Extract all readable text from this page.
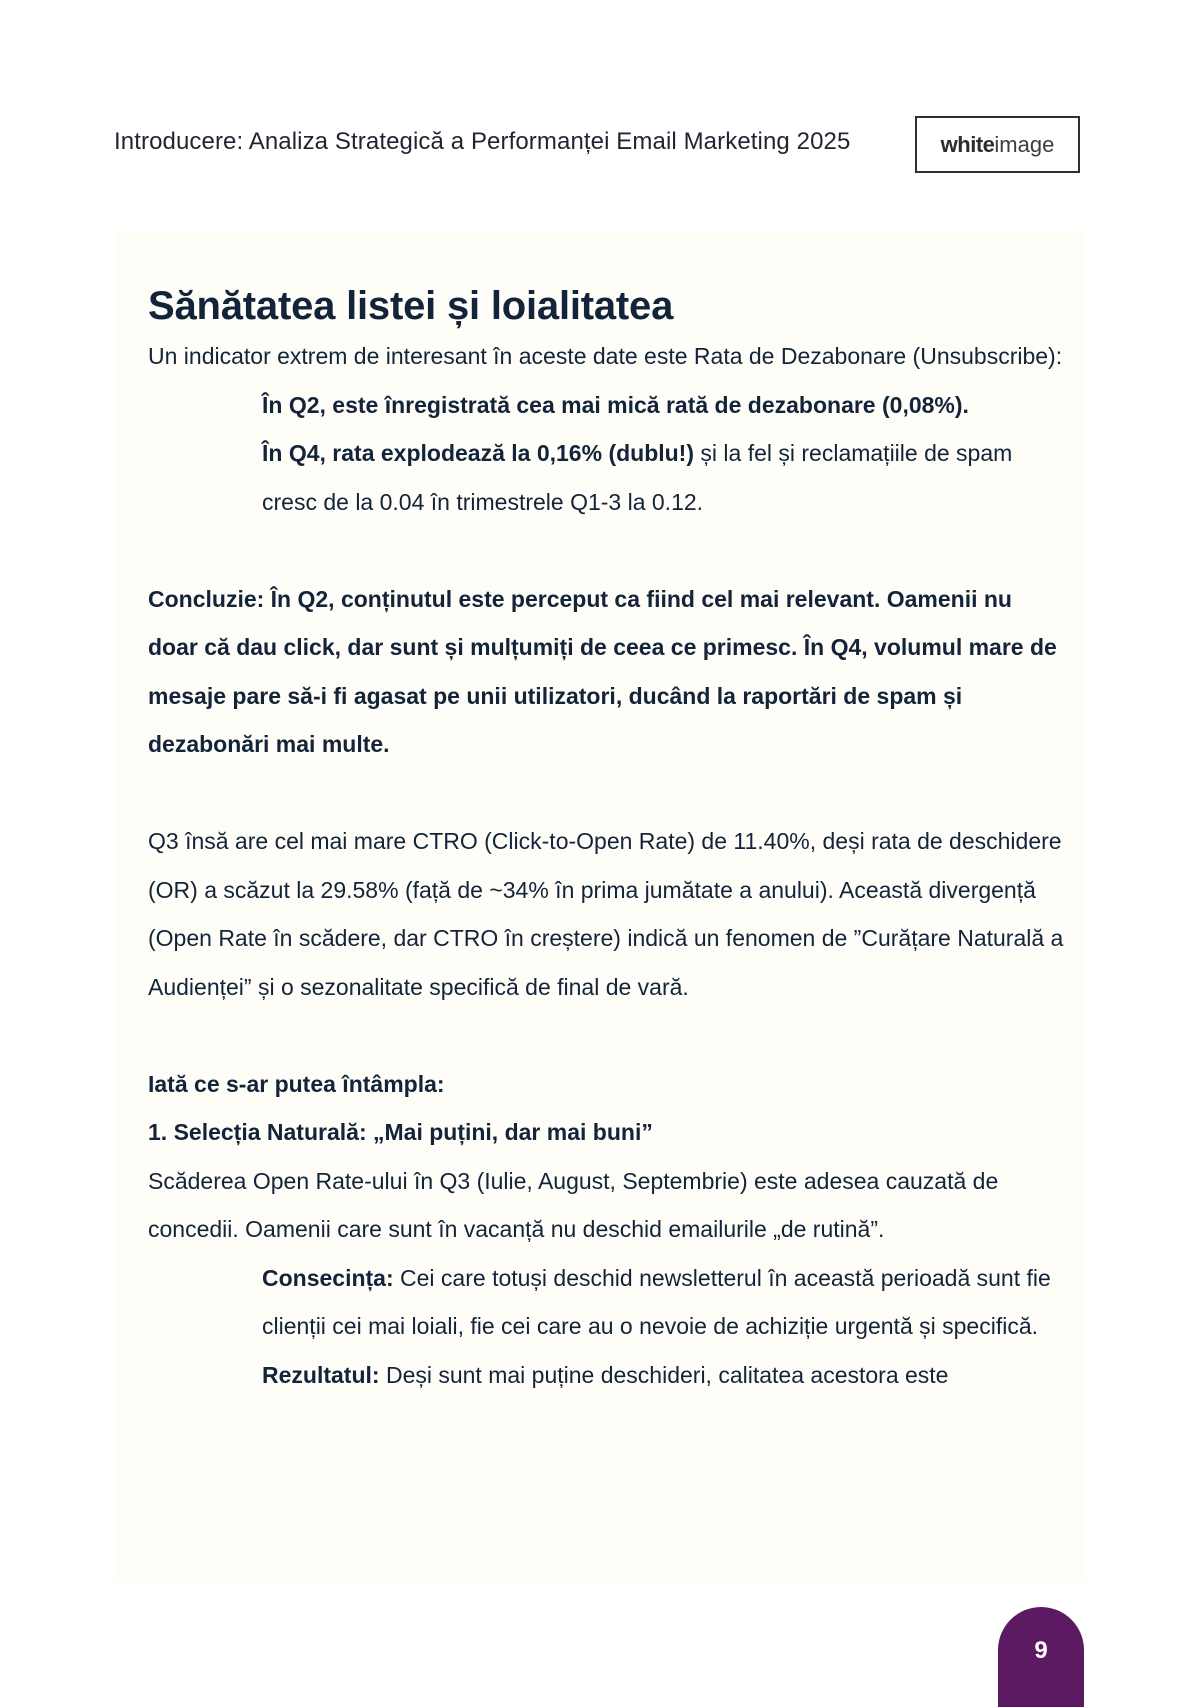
Introducere: Analiza Strategică a Performanței Email Marketing 2025	white image
Sănătatea listei și loialitatea

Un indicator extrem de interesant în aceste date este Rata de Dezabonare (Unsubscribe):

În Q2, este înregistrată cea mai mică rată de dezabonare (0,08%).

În Q4, rata explodează la 0,16% (dublu!) și la fel și reclamațiile de spam cresc de la 0.04 în trimestrele Q1-3 la 0.12.

Concluzie: În Q2, conținutul este perceput ca fiind cel mai relevant. Oamenii nu doar că dau click, dar sunt și mulțumiți de ceea ce primesc. În Q4, volumul mare de mesaje pare să-i fi agasat pe unii utilizatori, ducând la raportări de spam și dezabonări mai multe.

Q3 însă are cel mai mare CTRO (Click-to-Open Rate) de 11.40%, deși rata de deschidere (OR) a scăzut la 29.58% (față de ~34% în prima jumătate a anului). Această divergență (Open Rate în scădere, dar CTRO în creștere) indică un fenomen de ”Curățare Naturală a Audienței” și o sezonalitate specifică de final de vară.

Iată ce s-ar putea întâmpla:

1. Selecția Naturală: „Mai puțini, dar mai buni”

Scăderea Open Rate-ului în Q3 (Iulie, August, Septembrie) este adesea cauzată de concedii. Oamenii care sunt în vacanță nu deschid emailurile „de rutină”.

Consecința: Cei care totuși deschid newsletterul în această perioadă sunt fie clienții cei mai loiali, fie cei care au o nevoie de achiziție urgentă și specifică.

Rezultatul: Deși sunt mai puține deschideri, calitatea acestora este

9
